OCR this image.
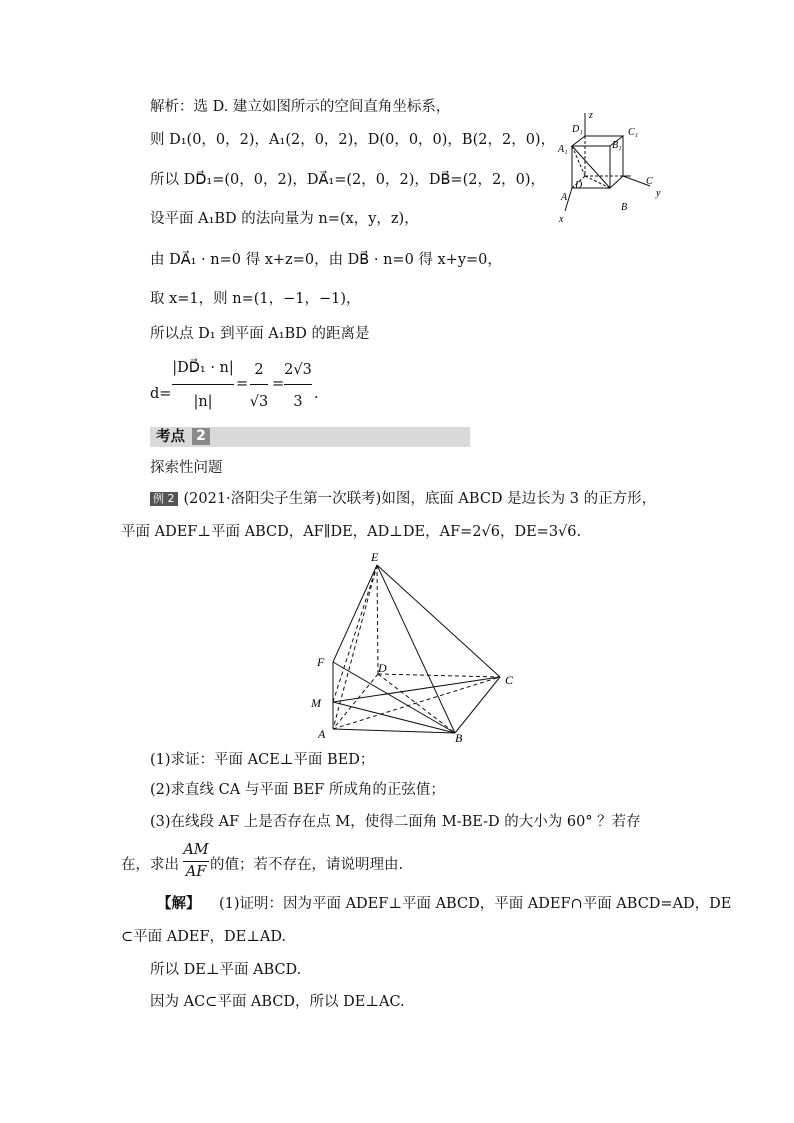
解析：选 D. 建立如图所示的空间直角坐标系，
则 D₁(0，0，2)，A₁(2，0，2)，D(0，0，0)，B(2，2，0)，
所以 DD⃗₁=(0，0，2)，DA⃗₁=(2，0，2)，DB⃗=(2，2，0)，
设平面 A₁BD 的法向量为 n=(x，y，z)，
由 DA⃗₁ · n=0 得 x+z=0，由 DB⃗ · n=0 得 x+y=0，
取 x=1，则 n=(1，−1，−1)，
所以点 D₁ 到平面 A₁BD 的距离是
d=
|DD⃗₁ · n|
|n|
=
2
√3
=
2√3
3 .
D₁
z
B₁
C₁
A₁
D	C
y
A
B
x
考点 2
探索性问题
例 2 (2021·洛阳尖子生第一次联考)如图，底面 ABCD 是边长为 3 的正方形，
平面 ADEF⊥平面 ABCD，AF∥DE，AD⊥DE，AF=2√6，DE=3√6.
E
F	D
C
M
A	B
(1)求证：平面 ACE⊥平面 BED；
(2)求直线 CA 与平面 BEF 所成角的正弦值；
(3)在线段 AF 上是否存在点 M，使得二面角 M-BE-D 的大小为 60° ？若存
在，求出
AM
AF 的值；若不存在，请说明理由.
【解】 (1)证明：因为平面 ADEF⊥平面 ABCD，平面 ADEF∩平面 ABCD=AD，DE
⊂平面 ADEF，DE⊥AD.
所以 DE⊥平面 ABCD.
因为 AC⊂平面 ABCD，所以 DE⊥AC.
